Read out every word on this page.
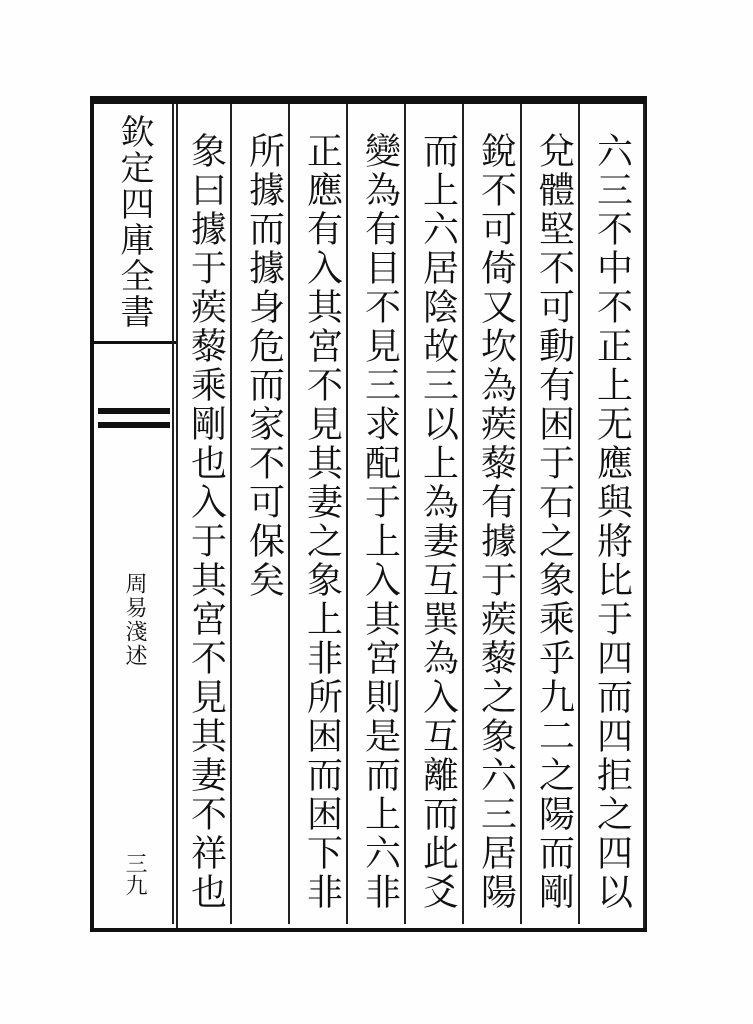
欽定四庫全書
周易淺述
三九	六三不中不正上无應與將比于四而四拒之四以
兌體堅不可動有困于石之象乘乎九二之陽而剛
銳不可倚又坎為蒺藜有據于蒺藜之象六三居陽
而上六居陰故三以上為妻互巽為入互離而此爻
變為有目不見三求配于上入其宮則是而上六非
正應有入其宮不見其妻之象上非所困而困下非
所據而據身危而家不可保矣
象曰據于蒺藜乘剛也入于其宮不見其妻不祥也
